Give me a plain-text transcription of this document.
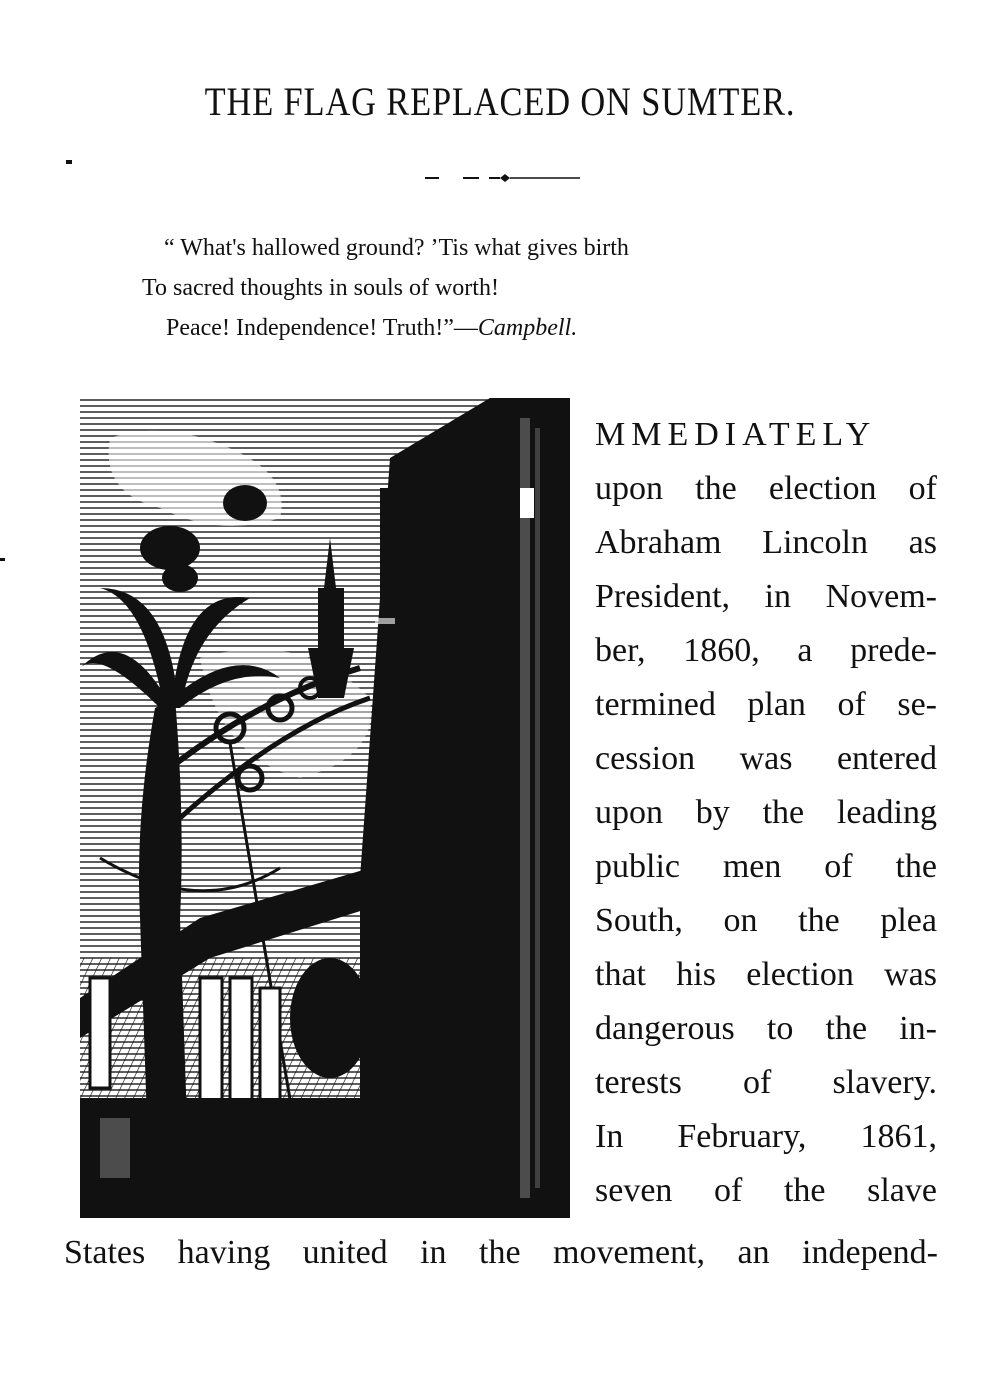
THE FLAG REPLACED ON SUMTER.
“ What's hallowed ground? ’Tis what gives birth
To sacred thoughts in souls of worth!
Peace! Independence! Truth!”—Campbell.
MMEDIATELY
upon the election of
Abraham Lincoln as
President, in Novem-
ber, 1860, a prede-
termined plan of se-
cession was entered
upon by the leading
public men of the
South, on the plea
that his election was
dangerous to the in-
terests of slavery.
In February, 1861,
seven of the slave
States having united in the movement, an independ-
